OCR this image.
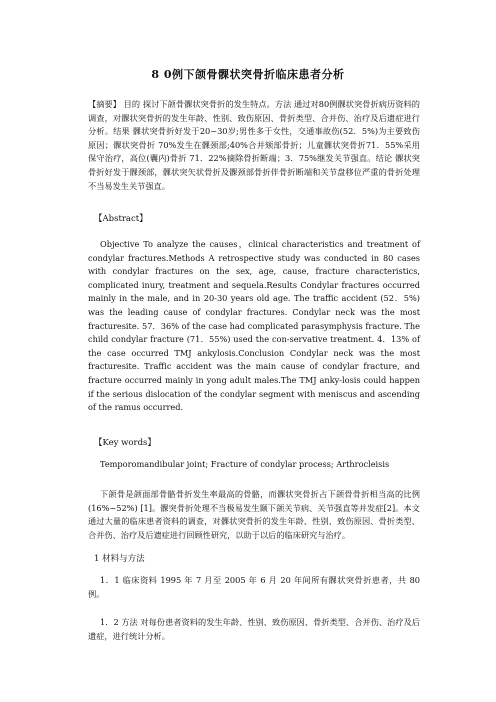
8 0例下颌骨髁状突骨折临床患者分析

【摘要】 目的 探讨下颌骨髁状突骨折的发生特点。方法 通过对80例髁状突骨折病历资料的调查，对髁状突骨折的发生年龄、性别、致伤原因、骨折类型、合并伤、治疗及后遗症进行分析。结果 髁状突骨折好发于20~30岁;男性多于女性，交通事故伤(52．5%)为主要致伤原因；髁状突骨折 70%发生在髁颈部;40%合并颏部骨折；儿童髁状突骨折71．55%采用保守治疗，高位(囊内)骨折 71．22%摘除骨折断端；3．75%继发关节强直。结论 髁状突骨折好发于髁颈部，髁状突矢状骨折及髁颈部骨折伴骨折断端和关节盘移位严重的骨折处理不当易发生关节强直。

【Abstract】

Objective To analyze the causes，clinical characteristics and treatment of condylar fractures.Methods A retrospective study was conducted in 80 cases with condylar fractures on the sex, age, cause, fracture characteristics, complicated inury, treatment and sequela.Results Condylar fractures occurred mainly in the male, and in 20-30 years old age. The traffic accident (52．5%) was the leading cause of condylar fractures. Condylar neck was the most fracturesite. 57．36% of the case had complicated parasymphysis fracture. The child condylar fracture (71．55%) used the con-servative treatment. 4．13% of the case occurred TMJ ankylosis.Conclusion Condylar neck was the most fracturesite. Traffic accident was the main cause of condylar fracture, and fracture occurred mainly in yong adult males.The TMJ anky-losis could happen if the serious dislocation of the condylar segment with meniscus and ascending of the ramus occurred.

【Key words】

Temporomandibular joint; Fracture of condylar process; Arthrocleisis

下颌骨是颌面部骨骼骨折发生率最高的骨骼，而髁状突骨折占下颌骨骨折相当高的比例(16%~52%) [1]。髁突骨折处理不当极易发生颞下颌关节病、关节强直等并发症[2]。本文通过大量的临床患者资料的调查，对髁状突骨折的发生年龄、性别、致伤原因、骨折类型、合并伤、治疗及后遗症进行回顾性研究，以助于以后的临床研究与治疗。

1 材料与方法

1．1 临床资料 1995 年 7 月至 2005 年 6 月 20 年间所有髁状突骨折患者，共 80 例。

1．2 方法 对每份患者资料的发生年龄、性别、致伤原因、骨折类型、合并伤、治疗及后遗症，进行统计分析。
